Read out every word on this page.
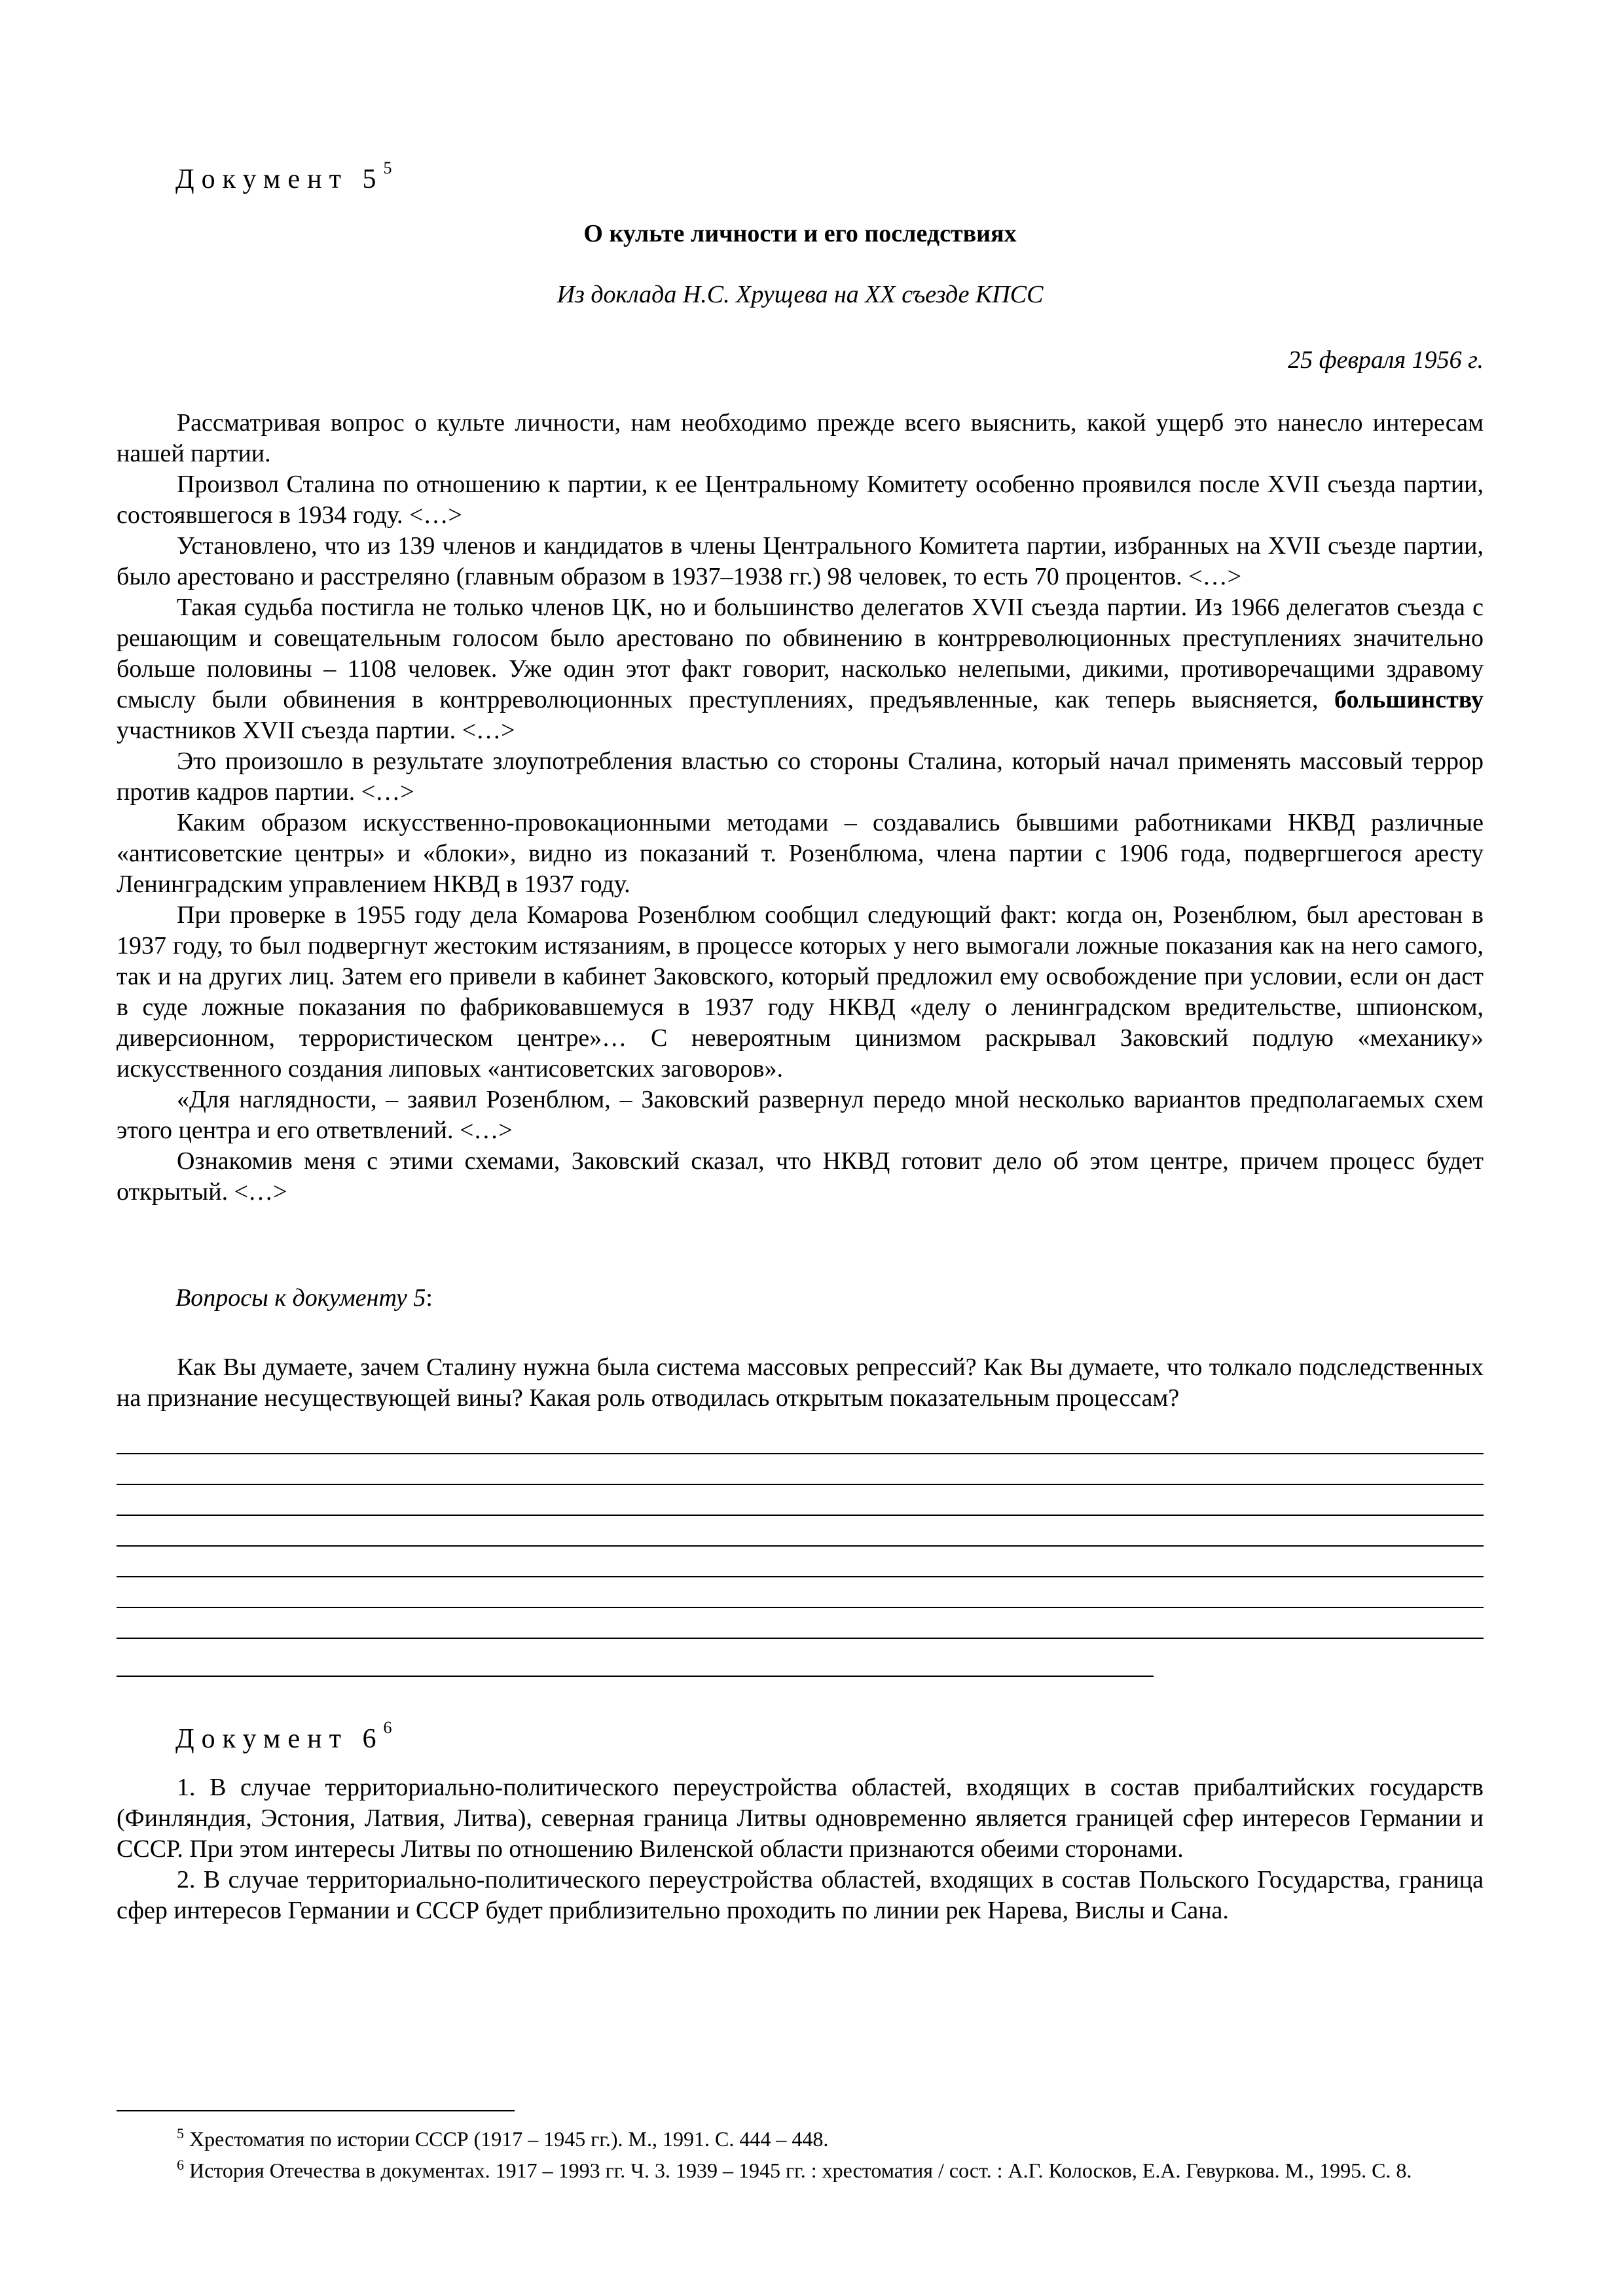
Документ $5^5$
О культе личности и его последствиях
Из доклада Н.С. Хрущева на XX съезде КПСС
25 февраля 1956 г.

Рассматривая вопрос о культе личности, нам необходимо прежде всего выяснить, какой ущерб это нанесло интересам нашей партии.

Произвол Сталина по отношению к партии, к ее Центральному Комитету особенно проявился после XVII съезда партии, состоявшегося в 1934 году. <…>

Установлено, что из 139 членов и кандидатов в члены Центрального Комитета партии, избранных на XVII съезде партии, было арестовано и расстреляно (главным образом в 1937–1938 гг.) 98 человек, то есть 70 процентов. <…>

Такая судьба постигла не только членов ЦК, но и большинство делегатов XVII съезда партии. Из 1966 делегатов съезда с решающим и совещательным голосом было арестовано по обвинению в контрреволюционных преступлениях значительно больше половины – 1108 человек. Уже один этот факт говорит, насколько нелепыми, дикими, противоречащими здравому смыслу были обвинения в контрреволюционных преступлениях, предъявленные, как теперь выясняется, большинству участников XVII съезда партии. <…>

Это произошло в результате злоупотребления властью со стороны Сталина, который начал применять массовый террор против кадров партии. <…>

Каким образом искусственно-провокационными методами – создавались бывшими работниками НКВД различные «антисоветские центры» и «блоки», видно из показаний т. Розенблюма, члена партии с 1906 года, подвергшегося аресту Ленинградским управлением НКВД в 1937 году.

При проверке в 1955 году дела Комарова Розенблюм сообщил следующий факт: когда он, Розенблюм, был арестован в 1937 году, то был подвергнут жестоким истязаниям, в процессе которых у него вымогали ложные показания как на него самого, так и на других лиц. Затем его привели в кабинет Заковского, который предложил ему освобождение при условии, если он даст в суде ложные показания по фабриковавшемуся в 1937 году НКВД «делу о ленинградском вредительстве, шпионском, диверсионном, террористическом центре»… С невероятным цинизмом раскрывал Заковский подлую «механику» искусственного создания липовых «антисоветских заговоров».

«Для наглядности, – заявил Розенблюм, – Заковский развернул передо мной несколько вариантов предполагаемых схем этого центра и его ответвлений. <…>

Ознакомив меня с этими схемами, Заковский сказал, что НКВД готовит дело об этом центре, причем процесс будет открытый. <…>

Вопросы к документу 5:

Как Вы думаете, зачем Сталину нужна была система массовых репрессий? Как Вы думаете, что толкало подследственных на признание несуществующей вины? Какая роль отводилась открытым показательным процессам?

Документ $6^6$

1. В случае территориально-политического переустройства областей, входящих в состав прибалтийских государств (Финляндия, Эстония, Латвия, Литва), северная граница Литвы одновременно является границей сфер интересов Германии и СССР. При этом интересы Литвы по отношению Виленской области признаются обеими сторонами.

2. В случае территориально-политического переустройства областей, входящих в состав Польского Государства, граница сфер интересов Германии и СССР будет приблизительно проходить по линии рек Нарева, Вислы и Сана.

$^5$ Хрестоматия по истории СССР (1917 – 1945 гг.). М., 1991. С. 444 – 448.

$^6$ История Отечества в документах. 1917 – 1993 гг. Ч. 3. 1939 – 1945 гг. : хрестоматия / сост. : А.Г. Колосков, Е.А. Гевуркова. М., 1995. С. 8.
